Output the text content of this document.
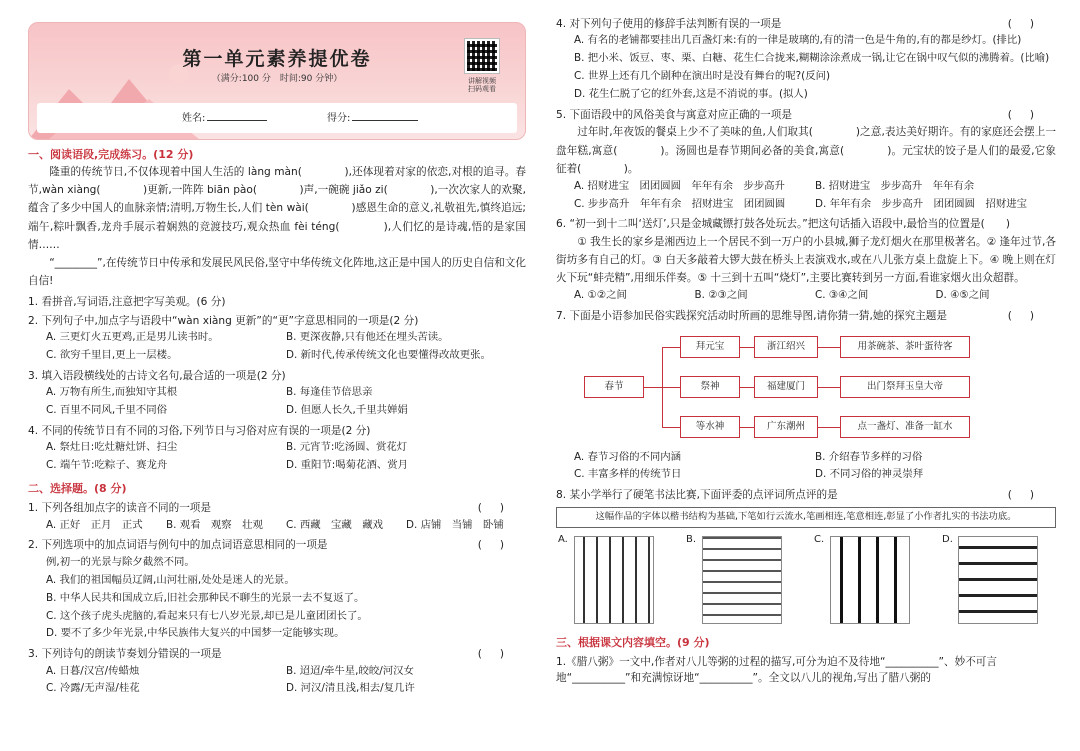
第一单元素养提优卷
（满分:100 分　时间:90 分钟）	讲解视频
扫码观看
姓名:	得分:
一、阅读语段,完成练习。(12 分)
隆重的传统节日,不仅体现着中国人生活的 làng màn(　　　　),还体现着对家的依恋,对根的追寻。春节,wàn xiàng(　　　　)更新,一阵阵 biān pào(　　　　)声,一碗碗 jiǎo zi(　　　　),一次次家人的欢聚,蕴含了多少中国人的血脉亲情;清明,万物生长,人们 tèn wài(　　　　)感恩生命的意义,礼敬祖先,慎终追远;端午,粽叶飘香,龙舟手展示着娴熟的竞渡技巧,观众热血 fèi téng(　　　　),人们忆的是诗魂,悟的是家国情……
“________”,在传统节日中传承和发展民风民俗,坚守中华传统文化阵地,这正是中国人的历史自信和文化自信!
1. 看拼音,写词语,注意把字写美观。(6 分)
2. 下列句子中,加点字与语段中“wàn xiàng 更新”的“更”字意思相同的一项是(2 分)
A. 三更灯火五更鸡,正是男儿读书时。	B. 更深夜静,只有他还在埋头苦读。
C. 欲穷千里目,更上一层楼。	D. 新时代,传承传统文化也要懂得改故更张。
3. 填入语段横线处的古诗文名句,最合适的一项是(2 分)
A. 万物有所生,而独知守其根	B. 每逢佳节倍思亲
C. 百里不同风,千里不同俗	D. 但愿人长久,千里共婵娟
4. 不同的传统节日有不同的习俗,下列节日与习俗对应有误的一项是(2 分)
A. 祭灶日:吃灶糖灶饼、扫尘	B. 元宵节:吃汤圆、赏花灯
C. 端午节:吃粽子、赛龙舟	D. 重阳节:喝菊花酒、赏月
二、选择题。(8 分)
()
1. 下列各组加点字的读音不同的一项是
A. 正好　正月　正式	B. 观看　观察　壮观	C. 西藏　宝藏　藏戏	D. 店铺　当铺　卧铺
()
2. 下列选项中的加点词语与例句中的加点词语意思相同的一项是
例,初一的光景与除夕截然不同。
A. 我们的祖国幅员辽阔,山河壮丽,处处是迷人的光景。
B. 中华人民共和国成立后,旧社会那种民不聊生的光景一去不复返了。
C. 这个孩子虎头虎脑的,看起来只有七八岁光景,却已是儿童团团长了。
D. 要不了多少年光景,中华民族伟大复兴的中国梦一定能够实现。
()
3. 下列诗句的朗读节奏划分错误的一项是
A. 日暮/汉宫/传蜡烛	B. 迢迢/牵牛星,皎皎/河汉女
C. 冷露/无声湿/桂花	D. 河汉/清且浅,相去/复几许
()
4. 对下列句子使用的修辞手法判断有误的一项是
A. 有名的老铺都要挂出几百盏灯来:有的一律是玻璃的,有的清一色是牛角的,有的都是纱灯。(排比)
B. 把小米、饭豆、枣、栗、白糖、花生仁合拢来,糊糊涂涂煮成一锅,让它在锅中叹气似的沸腾着。(比喻)
C. 世界上还有几个剧种在演出时是没有舞台的呢?(反问)
D. 花生仁脱了它的红外套,这是不消说的事。(拟人)
()
5. 下面语段中的风俗美食与寓意对应正确的一项是
过年时,年夜饭的餐桌上少不了美味的鱼,人们取其(　　　　)之意,表达美好期许。有的家庭还会摆上一盘年糕,寓意(　　　　)。汤圆也是春节期间必备的美食,寓意(　　　　)。元宝状的饺子是人们的最爱,它象征着(　　　　)。
A. 招财进宝　团团圆圆　年年有余　步步高升	B. 招财进宝　步步高升　年年有余
C. 步步高升　年年有余　招财进宝　团团圆圆	D. 年年有余　步步高升　团团圆圆　招财进宝
6. “初一到十二叫‘送灯’,只是金城藏镖打鼓各处玩去。”把这句话插入语段中,最恰当的位置是(　　)
① 我生长的家乡是湘西边上一个居民不到一万户的小县城,狮子龙灯烟火在那里极著名。② 逢年过节,各街坊多有自己的灯。③ 白天多敲着大锣大鼓在桥头上表演戏水,或在八儿张方桌上盘旋上下。④ 晚上则在灯火下玩“蚌壳精”,用细乐伴奏。⑤ 十三到十五叫“烧灯”,主要比赛转到另一方面,看谁家烟火出众超群。
A. ①②之间	B. ②③之间	C. ③④之间	D. ④⑤之间
()
7. 下面是小语参加民俗实践探究活动时所画的思维导图,请你猜一猜,她的探究主题是
春节
拜元宝
祭神
等水神
浙江绍兴
福建厦门
广东潮州
用茶碗茶、茶叶蛋待客
出门祭拜玉皇大帝
点一盏灯、准备一缸水
A. 春节习俗的不同内涵	B. 介绍春节多样的习俗
C. 丰富多样的传统节日	D. 不同习俗的神灵崇拜
()
8. 某小学举行了硬笔书法比赛,下面评委的点评词所点评的是
这幅作品的字体以楷书结构为基础,下笔如行云流水,笔画相连,笔意相连,彰显了小作者扎实的书法功底。
A.	B.	C.	D.
三、根据课文内容填空。(9 分)
1.《腊八粥》一文中,作者对八儿等粥的过程的描写,可分为迫不及待地“__________”、妙不可言地“__________”和充满惊讶地“__________”。全文以八儿的视角,写出了腊八粥的
